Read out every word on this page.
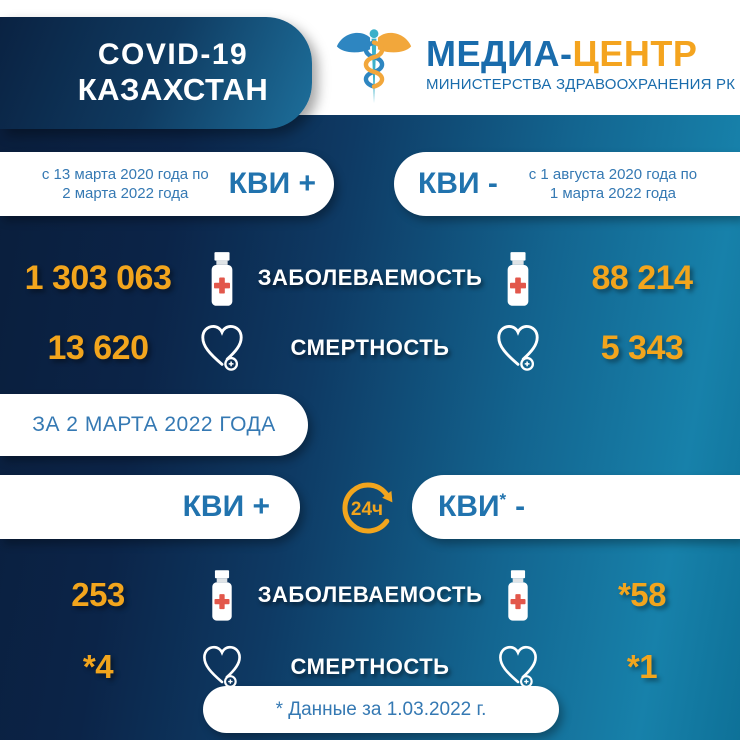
COVID-19
КАЗАХСТАН
МЕДИА-ЦЕНТР
МИНИСТЕРСТВА ЗДРАВООХРАНЕНИЯ РК
с 13 марта 2020 года по
2 марта 2022 года	КВИ +	КВИ -	с 1 августа 2020 года по
1 марта 2022 года
1 303 063	ЗАБОЛЕВАЕМОСТЬ	88 214
13 620	СМЕРТНОСТЬ	5 343
ЗА 2 МАРТА 2022 ГОДА
КВИ +	24ч КВИ* -
253	ЗАБОЛЕВАЕМОСТЬ	*58
*4	СМЕРТНОСТЬ	*1
* Данные за 1.03.2022 г.
